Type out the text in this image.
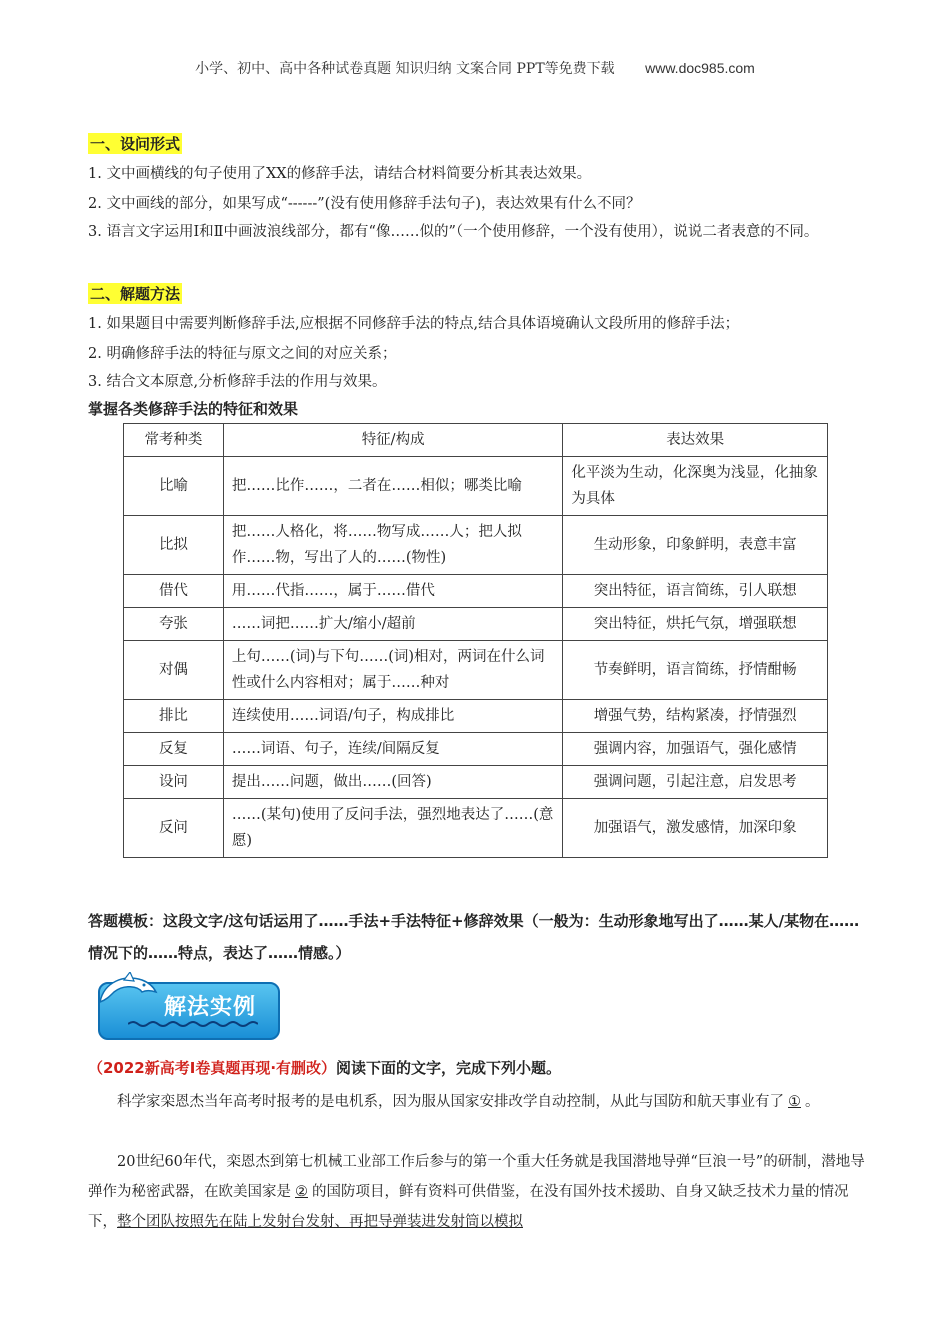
小学、初中、高中各种试卷真题 知识归纳 文案合同 PPT等免费下载 www.doc985.com
一、设问形式
1. 文中画横线的句子使用了XX的修辞手法，请结合材料简要分析其表达效果。
2. 文中画线的部分，如果写成“------”(没有使用修辞手法句子)，表达效果有什么不同？
3. 语言文字运用Ⅰ和Ⅱ中画波浪线部分，都有“像……似的”（一个使用修辞，一个没有使用），说说二者表意的不同。
二、解题方法
1. 如果题目中需要判断修辞手法,应根据不同修辞手法的特点,结合具体语境确认文段所用的修辞手法；
2. 明确修辞手法的特征与原文之间的对应关系；
3. 结合文本原意,分析修辞手法的作用与效果。
掌握各类修辞手法的特征和效果
常考种类	特征/构成	表达效果
比喻	把……比作……，二者在……相似；哪类比喻	化平淡为生动，化深奥为浅显，化抽象为具体
比拟	把……人格化，将……物写成……人；把人拟作……物，写出了人的……(物性)	生动形象，印象鲜明，表意丰富
借代	用……代指……，属于……借代	突出特征，语言简练，引人联想
夸张	……词把……扩大/缩小/超前	突出特征，烘托气氛，增强联想
对偶	上句……(词)与下句……(词)相对，两词在什么词性或什么内容相对；属于……种对	节奏鲜明，语言简练，抒情酣畅
排比	连续使用……词语/句子，构成排比	增强气势，结构紧凑，抒情强烈
反复	……词语、句子，连续/间隔反复	强调内容，加强语气，强化感情
设问	提出……问题，做出……(回答)	强调问题，引起注意，启发思考
反问	……(某句)使用了反问手法，强烈地表达了……(意愿)	加强语气，激发感情，加深印象
答题模板：这段文字/这句话运用了……手法+手法特征+修辞效果（一般为：生动形象地写出了……某人/某物在……情况下的……特点，表达了……情感。）
解法实例
（2022新高考Ⅰ卷真题再现·有删改）阅读下面的文字，完成下列小题。
科学家栾恩杰当年高考时报考的是电机系，因为服从国家安排改学自动控制，从此与国防和航天事业有了 ① 。
20世纪60年代，栾恩杰到第七机械工业部工作后参与的第一个重大任务就是我国潜地导弹“巨浪一号”的研制，潜地导弹作为秘密武器，在欧美国家是 ② 的国防项目，鲜有资料可供借鉴，在没有国外技术援助、自身又缺乏技术力量的情况下，整个团队按照先在陆上发射台发射、再把导弹装进发射筒以模拟
